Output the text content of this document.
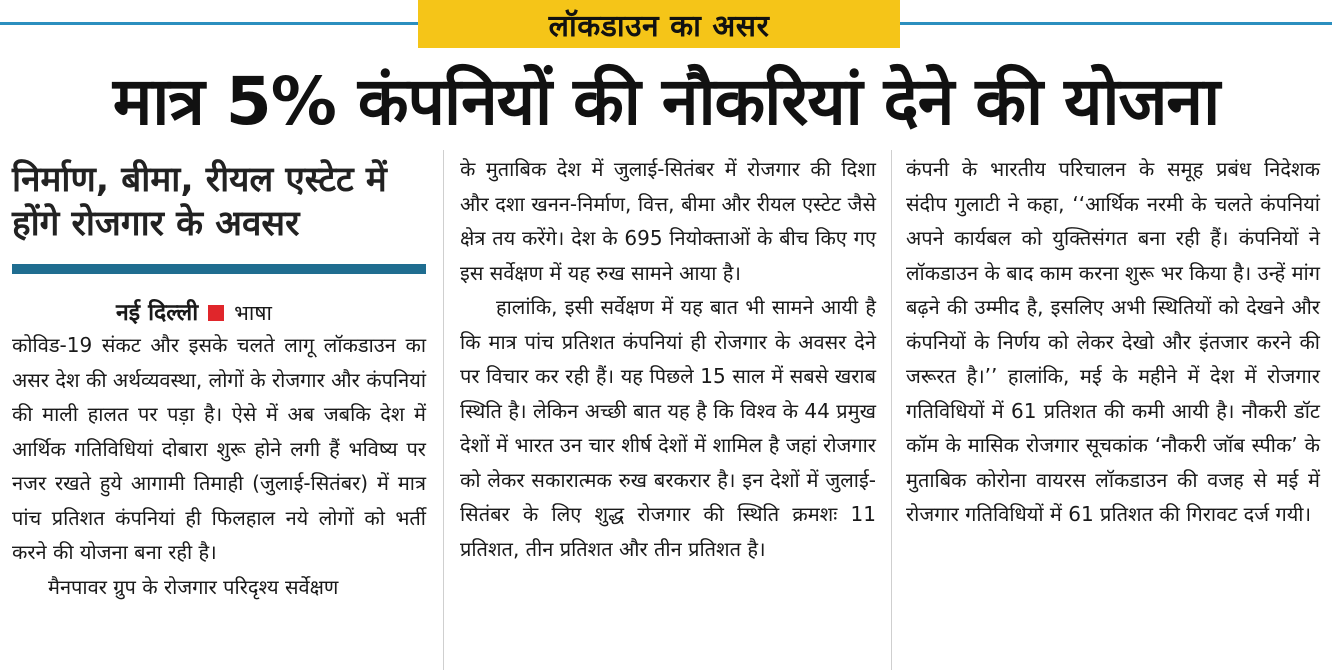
लॉकडाउन का असर
मात्र 5% कंपनियों की नौकरियां देने की योजना

निर्माण, बीमा, रीयल एस्टेट में

होंगे रोजगार के अवसर

नई दिल्ली भाषा

कोविड-19 संकट और इसके चलते लागू लॉकडाउन का असर देश की अर्थव्यवस्था, लोगों के रोजगार और कंपनियां की माली हालत पर पड़ा है। ऐसे में अब जबकि देश में आर्थिक गतिविधियां दोबारा शुरू होने लगी हैं भविष्य पर नजर रखते हुये आगामी तिमाही (जुलाई-सितंबर) में मात्र पांच प्रतिशत कंपनियां ही फिलहाल नये लोगों को भर्ती करने की योजना बना रही है।

मैनपावर ग्रुप के रोजगार परिदृश्य सर्वेक्षण

के मुताबिक देश में जुलाई-सितंबर में रोजगार की दिशा और दशा खनन-निर्माण, वित्त, बीमा और रीयल एस्टेट जैसे क्षेत्र तय करेंगे। देश के 695 नियोक्ताओं के बीच किए गए इस सर्वेक्षण में यह रुख सामने आया है।

हालांकि, इसी सर्वेक्षण में यह बात भी सामने आयी है कि मात्र पांच प्रतिशत कंपनियां ही रोजगार के अवसर देने पर विचार कर रही हैं। यह पिछले 15 साल में सबसे खराब स्थिति है। लेकिन अच्छी बात यह है कि विश्व के 44 प्रमुख देशों में भारत उन चार शीर्ष देशों में शामिल है जहां रोजगार को लेकर सकारात्मक रुख बरकरार है। इन देशों में जुलाई- सितंबर के लिए शुद्ध रोजगार की स्थिति क्रमशः 11 प्रतिशत, तीन प्रतिशत और तीन प्रतिशत है।

कंपनी के भारतीय परिचालन के समूह प्रबंध निदेशक संदीप गुलाटी ने कहा, ‘‘आर्थिक नरमी के चलते कंपनियां अपने कार्यबल को युक्तिसंगत बना रही हैं। कंपनियों ने लॉकडाउन के बाद काम करना शुरू भर किया है। उन्हें मांग बढ़ने की उम्मीद है, इसलिए अभी स्थितियों को देखने और कंपनियों के निर्णय को लेकर देखो और इंतजार करने की जरूरत है।’’ हालांकि, मई के महीने में देश में रोजगार गतिविधियों में 61 प्रतिशत की कमी आयी है। नौकरी डॉट कॉम के मासिक रोजगार सूचकांक ‘नौकरी जॉब स्पीक’ के मुताबिक कोरोना वायरस लॉकडाउन की वजह से मई में रोजगार गतिविधियों में 61 प्रतिशत की गिरावट दर्ज गयी।
